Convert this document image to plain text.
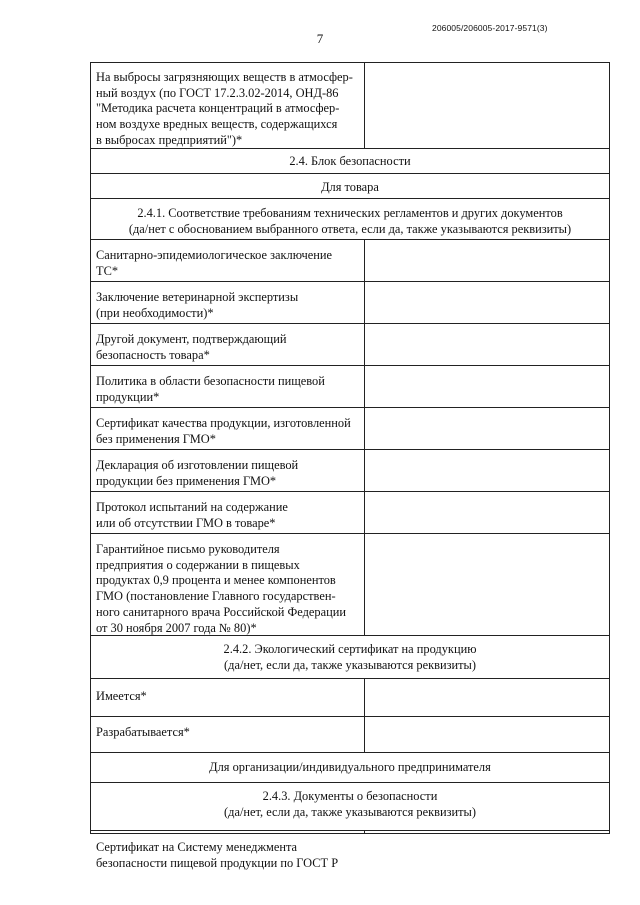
7
206005/206005-2017-9571(3)
На выбросы загрязняющих веществ в атмосфер-
ный воздух (по ГОСТ 17.2.3.02-2014, ОНД-86
"Методика расчета концентраций в атмосфер-
ном воздухе вредных веществ, содержащихся
в выбросах предприятий")*
2.4. Блок безопасности
Для товара
2.4.1. Соответствие требованиям технических регламентов и других документов
(да/нет с обоснованием выбранного ответа, если да, также указываются реквизиты)
Санитарно-эпидемиологическое заключение
ТС*
Заключение ветеринарной экспертизы
(при необходимости)*
Другой документ, подтверждающий
безопасность товара*
Политика в области безопасности пищевой
продукции*
Сертификат качества продукции, изготовленной
без применения ГМО*
Декларация об изготовлении пищевой
продукции без применения ГМО*
Протокол испытаний на содержание
или об отсутствии ГМО в товаре*
Гарантийное письмо руководителя
предприятия о содержании в пищевых
продуктах 0,9 процента и менее компонентов
ГМО (постановление Главного государствен-
ного санитарного врача Российской Федерации
от 30 ноября 2007 года № 80)*
2.4.2. Экологический сертификат на продукцию
(да/нет, если да, также указываются реквизиты)
Имеется*
Разрабатывается*
Для организации/индивидуального предпринимателя
2.4.3. Документы о безопасности
(да/нет, если да, также указываются реквизиты)
Сертификат на Систему менеджмента
безопасности пищевой продукции по ГОСТ Р
